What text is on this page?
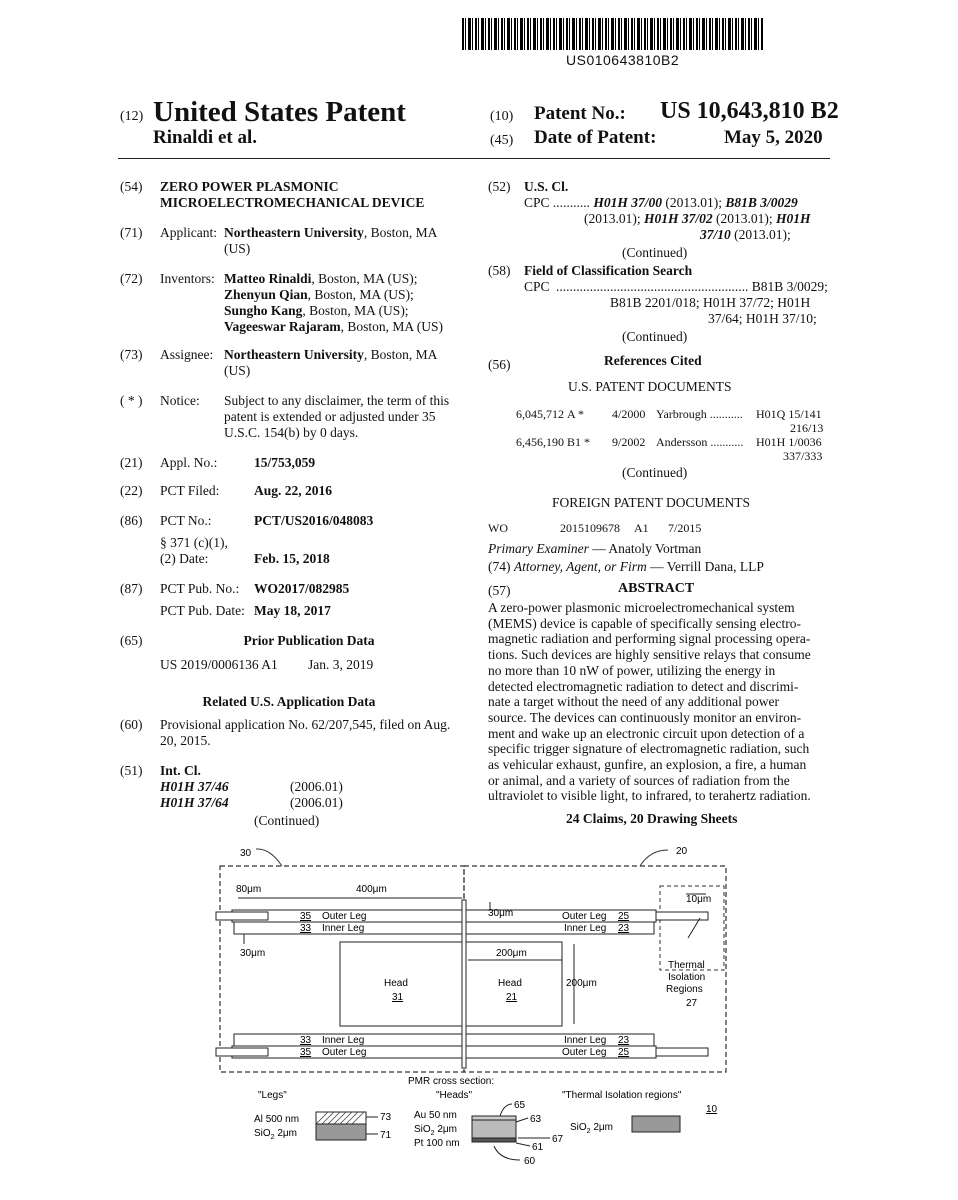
US010643810B2
(12) United States Patent
Rinaldi et al.
(10) Patent No.: US 10,643,810 B2
(45) Date of Patent:	May 5, 2020
(54) ZERO POWER PLASMONIC
MICROELECTROMECHANICAL DEVICE
(71) Applicant: Northeastern University, Boston, MA
(US)
(72) Inventors: Matteo Rinaldi, Boston, MA (US);
Zhenyun Qian, Boston, MA (US);
Sungho Kang, Boston, MA (US);
Vageeswar Rajaram, Boston, MA (US)
(73) Assignee: Northeastern University, Boston, MA
(US)
( * ) Notice: Subject to any disclaimer, the term of this
patent is extended or adjusted under 35
U.S.C. 154(b) by 0 days.
(21) Appl. No.:	15/753,059
(22) PCT Filed:	Aug. 22, 2016
(86) PCT No.:	PCT/US2016/048083
§ 371 (c)(1),
(2) Date:	Feb. 15, 2018
(87) PCT Pub. No.: WO2017/082985
PCT Pub. Date: May 18, 2017
(65)	Prior Publication Data
US 2019/0006136 A1 Jan. 3, 2019
Related U.S. Application Data
(60) Provisional application No. 62/207,545, filed on Aug.
20, 2015.
(51) Int. Cl.
H01H 37/46	(2006.01)
H01H 37/64	(2006.01)
(Continued)
(52) U.S. Cl.
CPC ........... H01H 37/00 (2013.01); B81B 3/0029
(2013.01); H01H 37/02 (2013.01); H01H
37/10 (2013.01);
(Continued)
(58) Field of Classification Search
CPC ......................................................... B81B 3/0029;
B81B 2201/018; H01H 37/72; H01H
37/64; H01H 37/10;
(Continued)
(56)	References Cited
U.S. PATENT DOCUMENTS
6,045,712 A * 4/2000 Yarbrough ........... H01Q 15/141
216/13
6,456,190 B1 * 9/2002 Andersson ........... H01H 1/0036
337/333
(Continued)
FOREIGN PATENT DOCUMENTS
WO	2015109678 A1 7/2015
Primary Examiner — Anatoly Vortman
(74) Attorney, Agent, or Firm — Verrill Dana, LLP
(57)	ABSTRACT
A zero-power plasmonic microelectromechanical system
(MEMS) device is capable of specifically sensing electro-
magnetic radiation and performing signal processing opera-
tions. Such devices are highly sensitive relays that consume
no more than 10 nW of power, utilizing the energy in
detected electromagnetic radiation to detect and discrimi-
nate a target without the need of any additional power
source. The devices can continuously monitor an environ-
ment and wake up an electronic circuit upon detection of a
specific trigger signature of electromagnetic radiation, such
as vehicular exhaust, gunfire, an explosion, a fire, a human
or animal, and a variety of sources of radiation from the
ultraviolet to visible light, to infrared, to terahertz radiation.
24 Claims, 20 Drawing Sheets
30	20
80μm	400μm
30μm
30μm
10μm
200μm
200μm
35 Outer Leg
33 Inner Leg
Outer Leg 25
Inner Leg 23
33 Inner Leg
35 Outer Leg
Inner Leg 23
Outer Leg 25
Head
31
Head
21
Thermal
Isolation
Regions
27
PMR cross section:
"Legs"	"Heads"	"Thermal Isolation regions"
Al 500 nm
SiO$_2$ 2μm
73
71
Au 50 nm
SiO$_2$ 2μm
Pt 100 nm
65
63
67
61
60
SiO$_2$ 2μm
10
